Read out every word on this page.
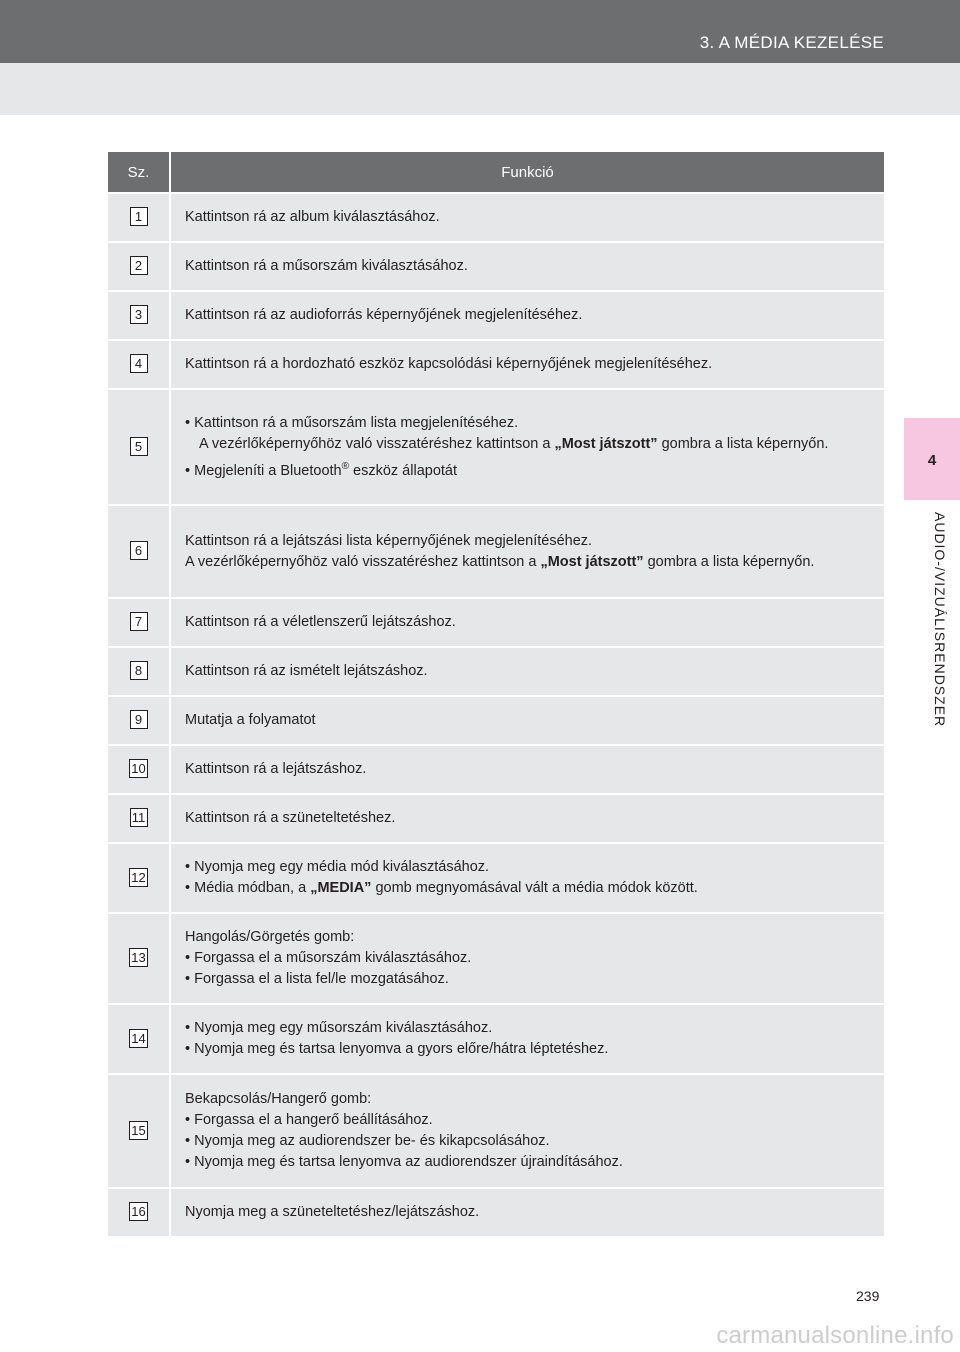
3. A MÉDIA KEZELÉSE
4
AUDIO-/VIZUÁLISRENDSZER
Sz.	Funkció
1	Kattintson rá az album kiválasztásához.

2	Kattintson rá a műsorszám kiválasztásához.

3	Kattintson rá az audioforrás képernyőjének megjelenítéséhez.

4	Kattintson rá a hordozható eszköz kapcsolódási képernyőjének megjelenítéséhez.

5	• Kattintson rá a műsorszám lista megjelenítéséhez.
A vezérlőképernyőhöz való visszatéréshez kattintson a „Most játszott” gombra a lista képernyőn.
• Megjeleníti a Bluetooth® eszköz állapotát

6	Kattintson rá a lejátszási lista képernyőjének megjelenítéséhez.
A vezérlőképernyőhöz való visszatéréshez kattintson a „Most játszott” gombra a lista képernyőn.

7	Kattintson rá a véletlenszerű lejátszáshoz.

8	Kattintson rá az ismételt lejátszáshoz.

9	Mutatja a folyamatot

10	Kattintson rá a lejátszáshoz.

11	Kattintson rá a szüneteltetéshez.

12	• Nyomja meg egy média mód kiválasztásához.
• Média módban, a „MEDIA” gomb megnyomásával vált a média módok között.

13	Hangolás/Görgetés gomb:
• Forgassa el a műsorszám kiválasztásához.
• Forgassa el a lista fel/le mozgatásához.

14	• Nyomja meg egy műsorszám kiválasztásához.
• Nyomja meg és tartsa lenyomva a gyors előre/hátra léptetéshez.

15	Bekapcsolás/Hangerő gomb:
• Forgassa el a hangerő beállításához.
• Nyomja meg az audiorendszer be- és kikapcsolásához.
• Nyomja meg és tartsa lenyomva az audiorendszer újraindításához.

16	Nyomja meg a szüneteltetéshez/lejátszáshoz.
239
carmanualsonline.info
